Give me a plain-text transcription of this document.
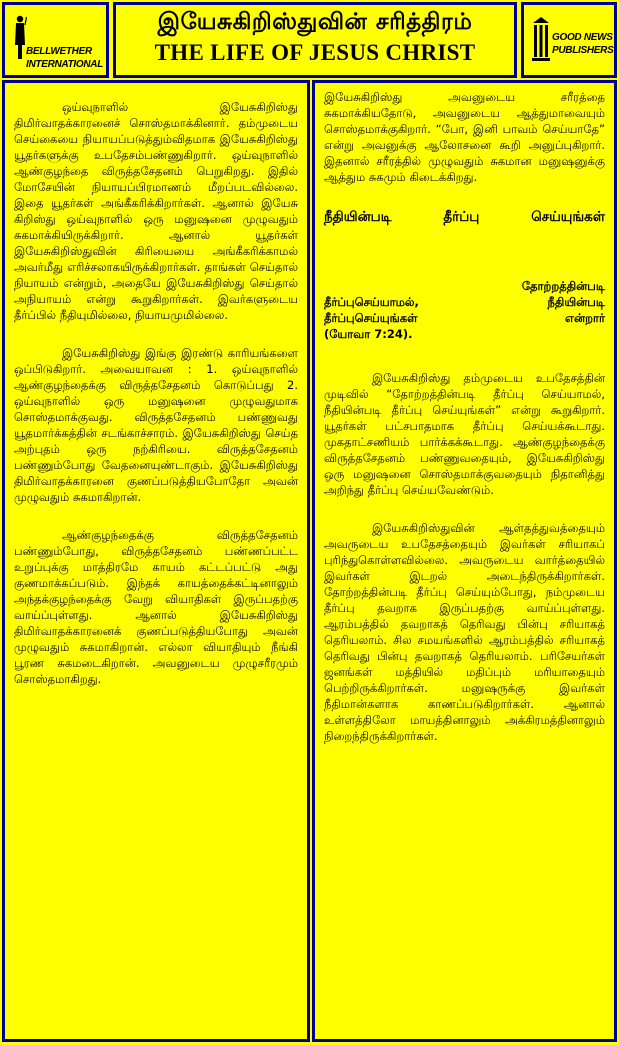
BELLWETHER
INTERNATIONAL
இயேசுகிறிஸ்துவின் சரித்திரம்
THE LIFE OF JESUS CHRIST
GOOD NEWS
PUBLISHERS

ஒய்வுநாளில் இயேசுகிறிஸ்து திமிர்வாதக்காரனைச் சொஸ்தமாக்கினார். தம்முடைய செய்கையை நியாயப்படுத்தும்விதமாக இயேசுகிறிஸ்து யூதர்களுக்கு உபதேசம்பண்ணுகிறார். ஒய்வுநாளில் ஆண்குழந்தை விருத்தசேதனம் பெறுகிறது. இதில் மோசேயின் நியாயப்பிரமாணம் மீறப்படவில்லை. இதை யூதர்கள் அங்கீகரிக்கிறார்கள். ஆனால் இயேசு கிறிஸ்து ஒய்வுநாளில் ஒரு மனுஷனை முழுவதும் சுகமாக்கியிருக்கிறார். ஆனால் யூதர்கள் இயேசுகிறிஸ்துவின் கிரியையை அங்கீகரிக்காமல் அவர்மீது எரிச்சலாகயிருக்கிறார்கள். தாங்கள் செய்தால் நியாயம் என்றும், அதையே இயேசுகிறிஸ்து செய்தால் அநியாயம் என்று கூறுகிறார்கள். இவர்களுடைய தீர்ப்பில் நீதியுமில்லை, நியாயமுமில்லை.

இயேசுகிறிஸ்து இங்கு இரண்டு காரியங்களை ஒப்பிடுகிறார். அவையாவன : 1. ஒய்வுநாளில் ஆண்குழந்தைக்கு விருத்தசேதனம் கொடுப்பது 2. ஒய்வுநாளில் ஒரு மனுஷனை முழுவதுமாக சொஸ்தமாக்குவது. விருத்தசேதனம் பண்ணுவது யூதமார்க்கத்தின் சடங்காச்சாரம். இயேசுகிறிஸ்து செய்த அற்புதம் ஒரு நற்கிரியை. விருத்தசேதனம் பண்ணும்போது வேதனையுண்டாகும். இயேசுகிறிஸ்து திமிர்வாதக்காரனை குணப்படுத்தியபோதோ அவன் முழுவதும் சுகமாகிறான்.

ஆண்குழந்தைக்கு விருத்தசேதனம் பண்ணும்போது, விருத்தசேதனம் பண்ணப்பட்ட உறுப்புக்கு மாத்திரமே காயம் கட்டப்பட்டு அது குணமாக்கப்படும். இந்தக் காயத்தைக்கட்டினாலும் அந்தக்குழந்தைக்கு வேறு வியாதிகள் இருப்பதற்கு வாய்ப்புள்ளது. ஆனால் இயேசுகிறிஸ்து திமிர்வாதக்காரனைக் குணப்படுத்தியபோது அவன் முழுவதும் சுகமாகிறான். எல்லா வியாதியும் நீங்கி பூரண சுகமடைகிறான். அவனுடைய முழுசரீரமும் சொஸ்தமாகிறது.

இயேசுகிறிஸ்து அவனுடைய சரீரத்தை சுகமாக்கியதோடு, அவனுடைய ஆத்துமாவையும் சொஸ்தமாக்குகிறார். “போ, இனி பாவம் செய்யாதே” என்று அவனுக்கு ஆலோசனை கூறி அனுப்புகிறார். இதனால் சரீரத்தில் முழுவதும் சுகமான மனுஷனுக்கு ஆத்தும சுகமும் கிடைக்கிறது.

நீதியின்படி தீர்ப்பு செய்யுங்கள்
தோற்றத்தின்படி
தீர்ப்புசெய்யாமல்,	நீதியின்படி
தீர்ப்புசெய்யுங்கள்	என்றார்
(யோவா 7:24).

இயேசுகிறிஸ்து தம்முடைய உபதேசத்தின் முடிவில் “தோற்றத்தின்படி தீர்ப்பு செய்யாமல், நீதியின்படி தீர்ப்பு செய்யுங்கள்” என்று கூறுகிறார். யூதர்கள் பட்சபாதமாக தீர்ப்பு செய்யக்கூடாது. முகதாட்சணியம் பார்க்கக்கூடாது. ஆண்குழந்தைக்கு விருத்தசேதனம் பண்ணுவதையும், இயேசுகிறிஸ்து ஒரு மனுஷனை சொஸ்தமாக்குவதையும் நிதானித்து அறிந்து தீர்ப்பு செய்யவேண்டும்.

இயேசுகிறிஸ்துவின் ஆள்தத்துவத்தையும் அவருடைய உபதேசத்தையும் இவர்கள் சரியாகப் புரிந்துகொள்ளவில்லை. அவருடைய வார்த்தையில் இவர்கள் இடறல் அடைந்திருக்கிறார்கள். தோற்றத்தின்படி தீர்ப்பு செய்யும்போது, நம்முடைய தீர்ப்பு தவறாக இருப்பதற்கு வாய்ப்புள்ளது. ஆரம்பத்தில் தவறாகத் தெரிவது பின்பு சரியாகத் தெரியலாம். சில சமயங்களில் ஆரம்பத்தில் சரியாகத் தெரிவது பின்பு தவறாகத் தெரியலாம். பரிசேயர்கள் ஜனங்கள் மத்தியில் மதிப்பும் மரியாதையும் பெற்றிருக்கிறார்கள். மனுஷருக்கு இவர்கள் நீதிமான்களாக காணப்படுகிறார்கள். ஆனால் உள்ளத்திலோ மாயத்தினாலும் அக்கிரமத்தினாலும் நிறைந்திருக்கிறார்கள்.
